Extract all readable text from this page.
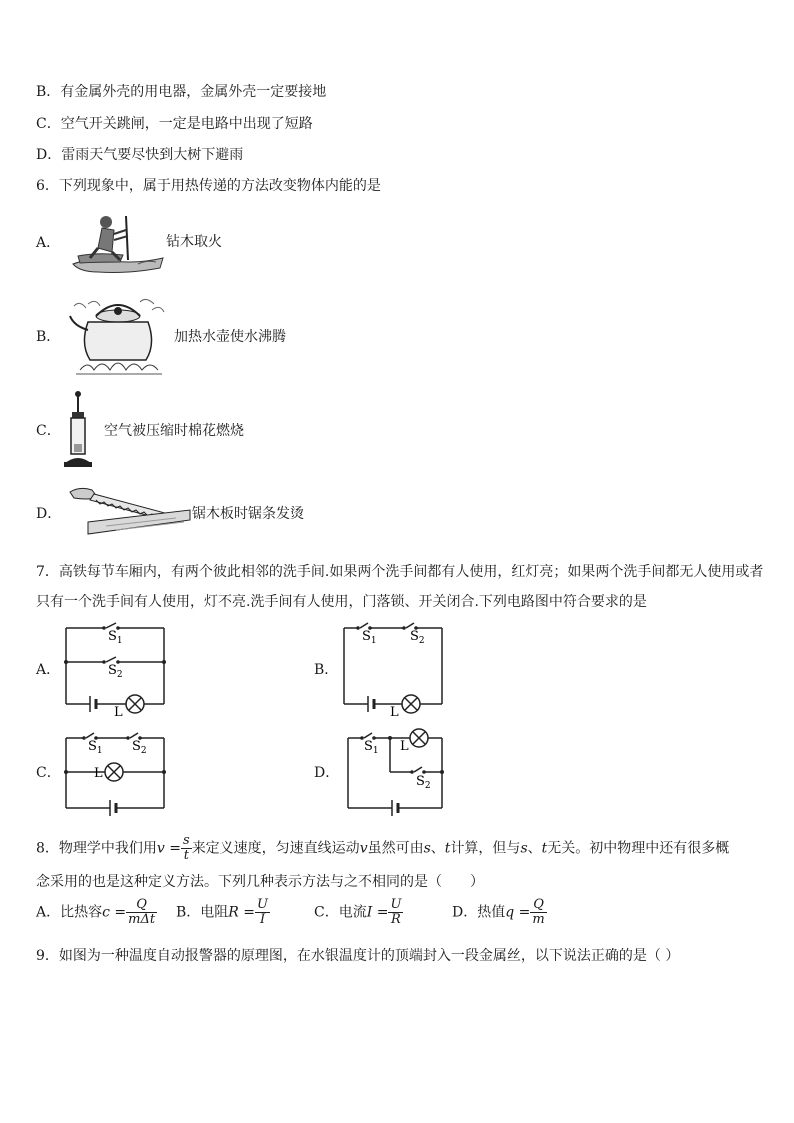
B．有金属外壳的用电器，金属外壳一定要接地
C．空气开关跳闸，一定是电路中出现了短路
D．雷雨天气要尽快到大树下避雨
6．下列现象中，属于用热传递的方法改变物体内能的是
A．	钻木取火
B．	加热水壶使水沸腾
C．	空气被压缩时棉花燃烧
D．	锯木板时锯条发烫
7．高铁每节车厢内，有两个彼此相邻的洗手间.如果两个洗手间都有人使用，红灯亮；如果两个洗手间都无人使用或者
只有一个洗手间有人使用，灯不亮.洗手间有人使用，门落锁、开关闭合.下列电路图中符合要求的是
A．
$S_1$
$S_2$
L
B．
$S_1$	$S_2$
L
C．
$S_1$ $S_2$
L	D．
$S_1$
$S_2$
L
8．物理学中我们用$v = \frac{s}{t}$ 来定义速度，匀速直线运动v虽然可由s、t计算，但与s、t无关。初中物理中还有很多概
念采用的也是这种定义方法。下列几种表示方法与之不相同的是（　　）
A．比热容$c = \frac{Q}{\text{mΔt}}$ B．电阻$R = \frac{U}{I}$	C．电流$I = \frac{U}{R}$	D．热值$q = \frac{Q}{m}$
9．如图为一种温度自动报警器的原理图，在水银温度计的顶端封入一段金属丝，以下说法正确的是（ ）
